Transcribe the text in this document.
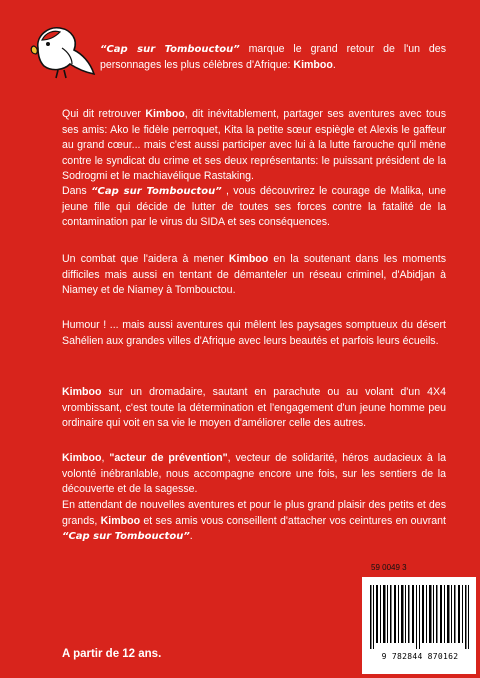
“Cap sur Tombouctou” marque le grand retour de l'un des personnages les plus célèbres d'Afrique: Kimboo.

Qui dit retrouver Kimboo, dit inévitablement, partager ses aventures avec tous ses amis: Ako le fidèle perroquet, Kita la petite sœur espiègle et Alexis le gaffeur au grand cœur... mais c'est aussi participer avec lui à la lutte farouche qu'il mène contre le syndicat du crime et ses deux représentants: le puissant président de la Sodrogmi et le machiavélique Rastaking.

Dans “Cap sur Tombouctou” , vous découvrirez le courage de Malika, une jeune fille qui décide de lutter de toutes ses forces contre la fatalité de la contamination par le virus du SIDA et ses conséquences.

Un combat que l'aidera à mener Kimboo en la soutenant dans les moments difficiles mais aussi en tentant de démanteler un réseau criminel, d'Abidjan à Niamey et de Niamey à Tombouctou.

Humour ! ... mais aussi aventures qui mêlent les paysages somptueux du désert Sahélien aux grandes villes d'Afrique avec leurs beautés et parfois leurs écueils.

Kimboo sur un dromadaire, sautant en parachute ou au volant d'un 4X4 vrombissant, c'est toute la détermination et l'engagement d'un jeune homme peu ordinaire qui voit en sa vie le moyen d'améliorer celle des autres.

Kimboo, "acteur de prévention", vecteur de solidarité, héros audacieux à la volonté inébranlable, nous accompagne encore une fois, sur les sentiers de la découverte et de la sagesse.

En attendant de nouvelles aventures et pour le plus grand plaisir des petits et des grands, Kimboo et ses amis vous conseillent d'attacher vos ceintures en ouvrant “Cap sur Tombouctou”.

59 0049 3
9 782844 870162
A partir de 12 ans.
